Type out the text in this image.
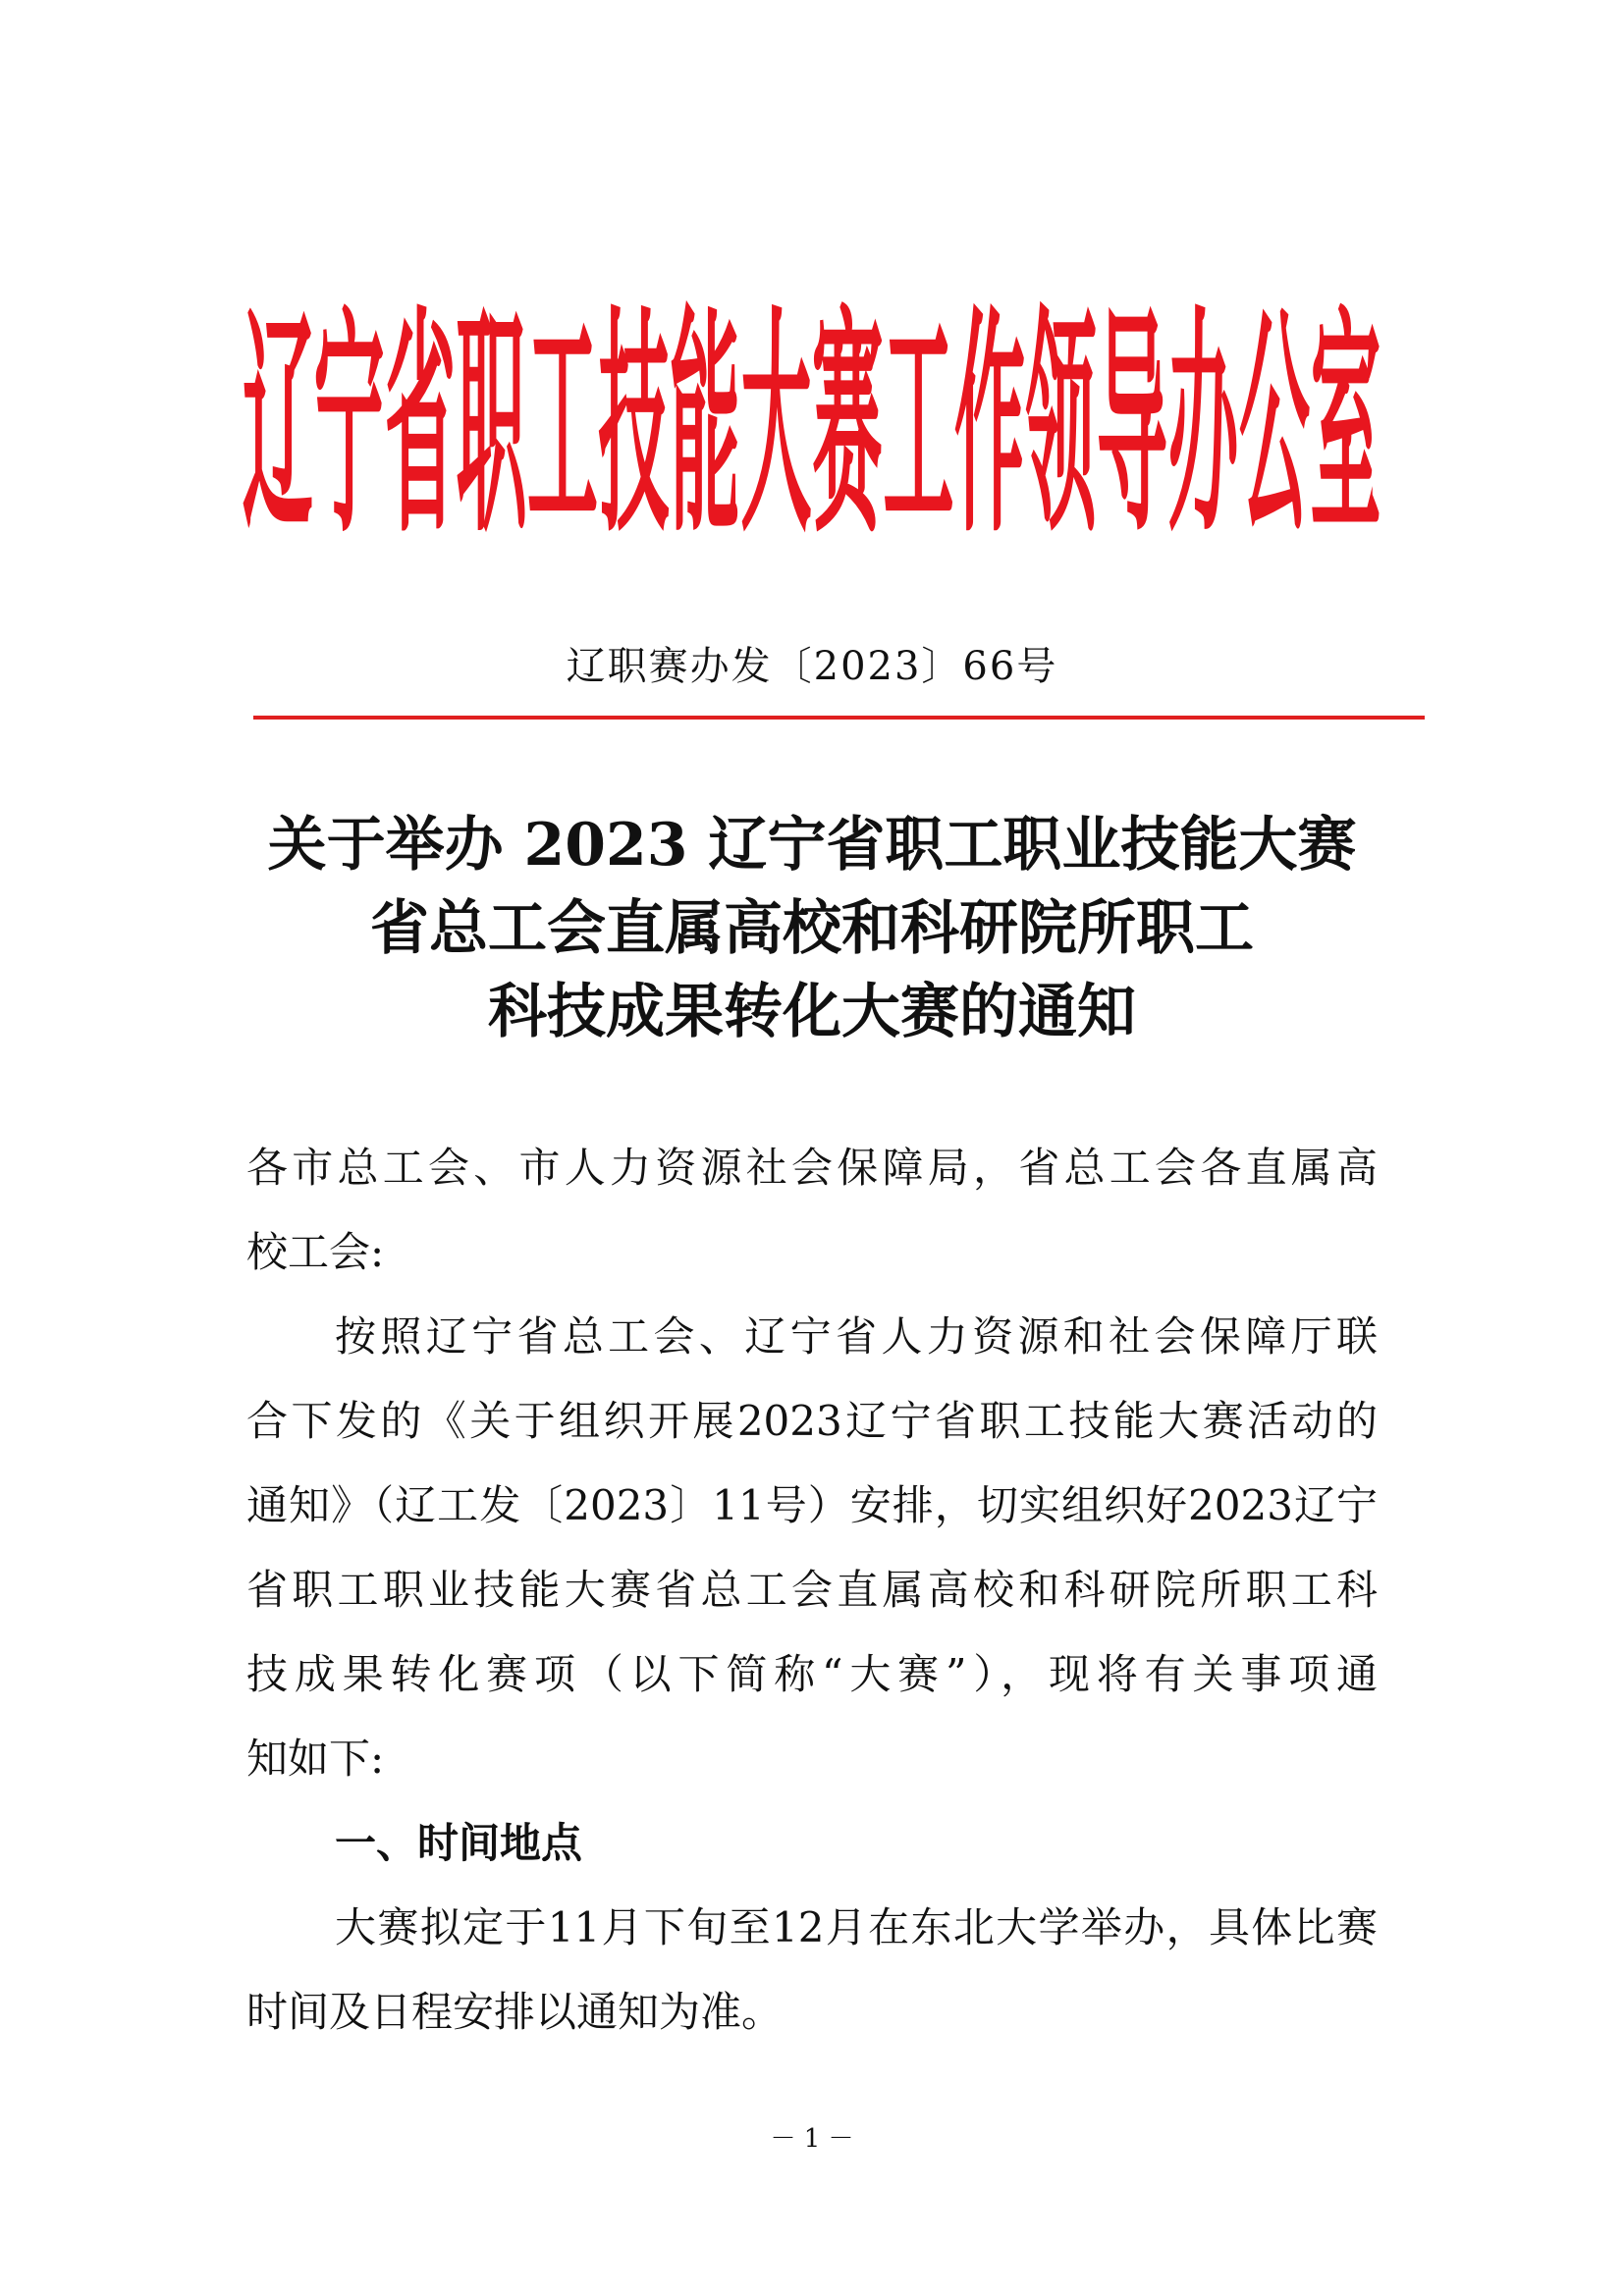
辽宁省职工技能大赛工作领导办公室
辽职赛办发〔2023〕66号
关于举办 2023 辽宁省职工职业技能大赛
省总工会直属高校和科研院所职工
科技成果转化大赛的通知
各市总工会、市人力资源社会保障局，省总工会各直属高
校工会:
按照辽宁省总工会、辽宁省人力资源和社会保障厅联
合下发的《关于组织开展2023辽宁省职工技能大赛活动的
通知》（辽工发〔2023〕11号）安排，切实组织好2023辽宁
省职工职业技能大赛省总工会直属高校和科研院所职工科
技成果转化赛项（以下简称“大赛”），现将有关事项通
知如下:
一、时间地点
大赛拟定于11月下旬至12月在东北大学举办，具体比赛
时间及日程安排以通知为准。
－ 1 －
